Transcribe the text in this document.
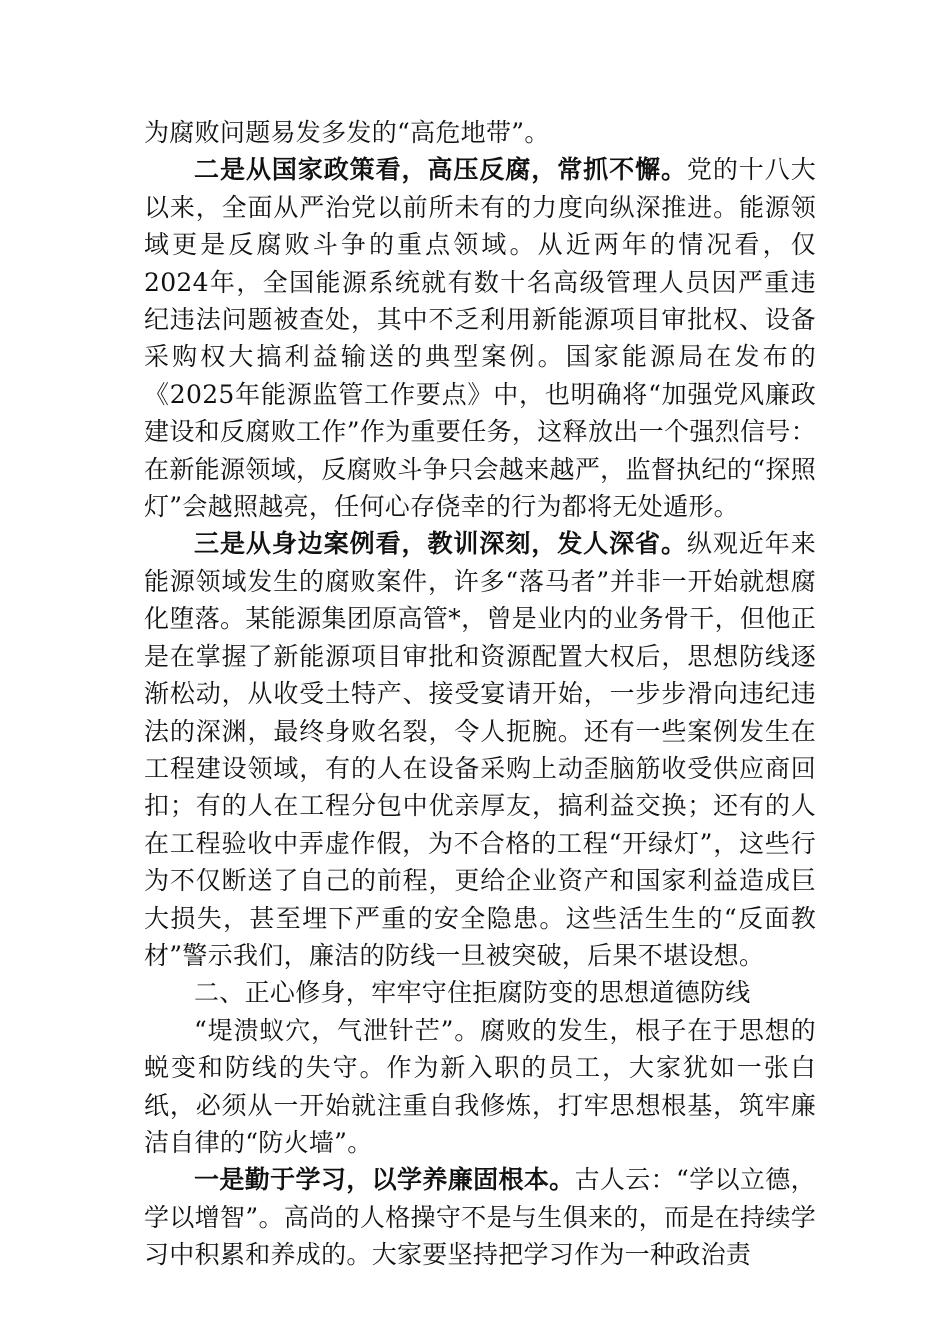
为腐败问题易发多发的“高危地带”。

二是从国家政策看，高压反腐，常抓不懈。党的十八大以来，全面从严治党以前所未有的力度向纵深推进。能源领域更是反腐败斗争的重点领域。从近两年的情况看，仅2024年，全国能源系统就有数十名高级管理人员因严重违纪违法问题被查处，其中不乏利用新能源项目审批权、设备采购权大搞利益输送的典型案例。国家能源局在发布的《2025年能源监管工作要点》中，也明确将“加强党风廉政建设和反腐败工作”作为重要任务，这释放出一个强烈信号：在新能源领域，反腐败斗争只会越来越严，监督执纪的“探照灯”会越照越亮，任何心存侥幸的行为都将无处遁形。

三是从身边案例看，教训深刻，发人深省。纵观近年来能源领域发生的腐败案件，许多“落马者”并非一开始就想腐化堕落。某能源集团原高管*，曾是业内的业务骨干，但他正是在掌握了新能源项目审批和资源配置大权后，思想防线逐渐松动，从收受土特产、接受宴请开始，一步步滑向违纪违法的深渊，最终身败名裂，令人扼腕。还有一些案例发生在工程建设领域，有的人在设备采购上动歪脑筋收受供应商回扣；有的人在工程分包中优亲厚友，搞利益交换；还有的人在工程验收中弄虚作假，为不合格的工程“开绿灯”，这些行为不仅断送了自己的前程，更给企业资产和国家利益造成巨大损失，甚至埋下严重的安全隐患。这些活生生的“反面教材”警示我们，廉洁的防线一旦被突破，后果不堪设想。

二、正心修身，牢牢守住拒腐防变的思想道德防线

“堤溃蚁穴，气泄针芒”。腐败的发生，根子在于思想的蜕变和防线的失守。作为新入职的员工，大家犹如一张白纸，必须从一开始就注重自我修炼，打牢思想根基，筑牢廉洁自律的“防火墙”。

一是勤于学习，以学养廉固根本。古人云：“学以立德，学以增智”。高尚的人格操守不是与生俱来的，而是在持续学习中积累和养成的。大家要坚持把学习作为一种政治责
